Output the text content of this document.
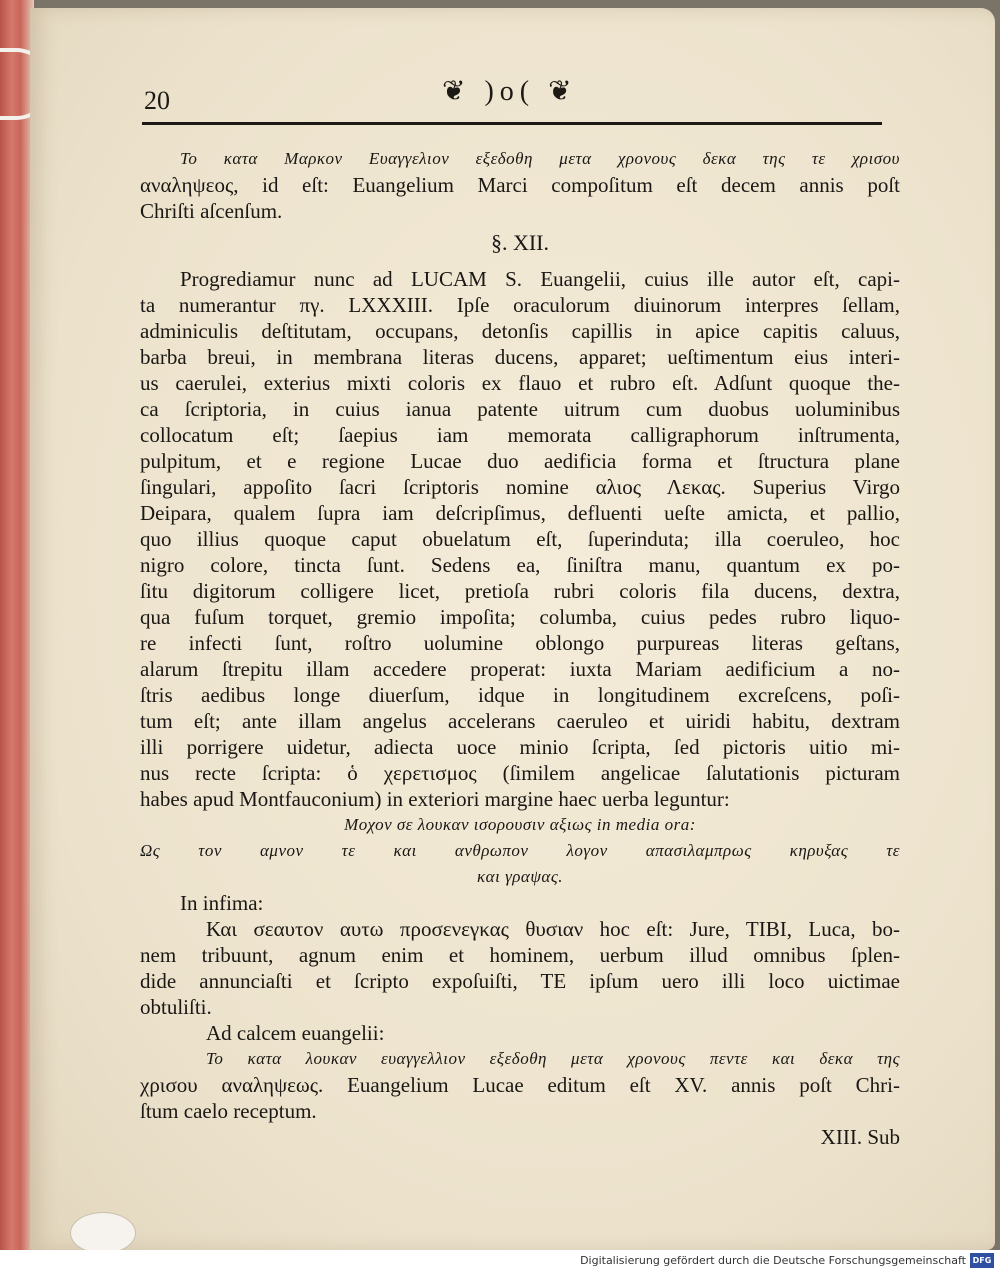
20	❦ )o( ❦
Το κατα Μαρκον Ευαγγελιον εξεδοθη μετα χρονους δεκα της τε χρισου
αναληψεος, id eſt: Euangelium Marci compoſitum eſt decem annis poſt
Chriſti aſcenſum.
§. XII.
Progrediamur nunc ad LUCAM S. Euangelii, cuius ille autor eſt, capi-
ta numerantur πγ. LXXXIII. Ipſe oraculorum diuinorum interpres ſellam,
adminiculis deſtitutam, occupans, detonſis capillis in apice capitis caluus,
barba breui, in membrana literas ducens, apparet; ueſtimentum eius interi-
us caerulei, exterius mixti coloris ex flauo et rubro eſt. Adſunt quoque the-
ca ſcriptoria, in cuius ianua patente uitrum cum duobus uoluminibus
collocatum eſt; ſaepius iam memorata calligraphorum inſtrumenta,
pulpitum, et e regione Lucae duo aedificia forma et ſtructura plane
ſingulari, appoſito ſacri ſcriptoris nomine αλιος Λεκας. Superius Virgo
Deipara, qualem ſupra iam deſcripſimus, defluenti ueſte amicta, et pallio,
quo illius quoque caput obuelatum eſt, ſuperinduta; illa coeruleo, hoc
nigro colore, tincta ſunt. Sedens ea, ſiniſtra manu, quantum ex po-
ſitu digitorum colligere licet, pretioſa rubri coloris fila ducens, dextra,
qua fuſum torquet, gremio impoſita; columba, cuius pedes rubro liquo-
re infecti ſunt, roſtro uolumine oblongo purpureas literas geſtans,
alarum ſtrepitu illam accedere properat: iuxta Mariam aedificium a no-
ſtris aedibus longe diuerſum, idque in longitudinem excreſcens, poſi-
tum eſt; ante illam angelus accelerans caeruleo et uiridi habitu, dextram
illi porrigere uidetur, adiecta uoce minio ſcripta, ſed pictoris uitio mi-
nus recte ſcripta: ὁ χερετισμος (ſimilem angelicae ſalutationis picturam
habes apud Montfauconium) in exteriori margine haec uerba leguntur:
Μοχον σε λουκαν ισορουσιν αξιως in media ora:
Ως τον αμνον τε και ανθρωπον λογον απασιλαμπρως κηρυξας τε
και γραψας.
In infima:
Και σεαυτον αυτω προσενεγκας θυσιαν hoc eſt: Jure, TIBI, Luca, bo-
nem tribuunt, agnum enim et hominem, uerbum illud omnibus ſplen-
dide annunciaſti et ſcripto expoſuiſti, TE ipſum uero illi loco uictimae
obtuliſti.
Ad calcem euangelii:
Το κατα λουκαν ευαγγελλιον εξεδοθη μετα χρονους πεντε και δεκα της
χρισου αναληψεως. Euangelium Lucae editum eſt XV. annis poſt Chri-
ſtum caelo receptum.
XIII. Sub
Digitalisierung gefördert durch die Deutsche Forschungsgemeinschaft DFG
